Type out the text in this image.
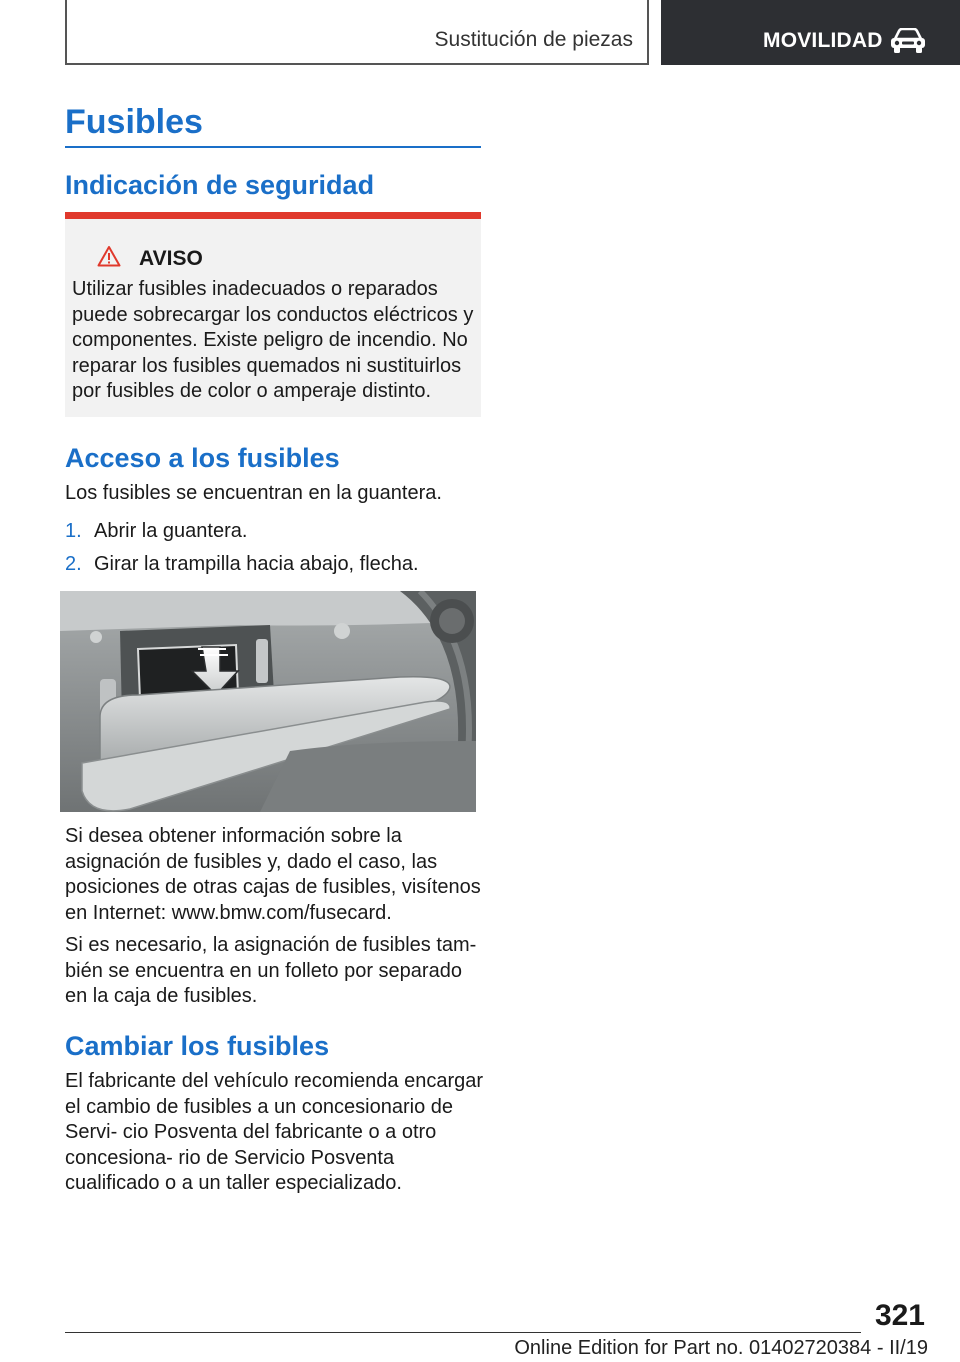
Sustitución de piezas	MOVILIDAD
Fusibles
Indicación de seguridad
AVISO

Utilizar fusibles inadecuados o reparados puede sobrecargar los conductos eléctricos y componentes. Existe peligro de incendio. No reparar los fusibles quemados ni sustituirlos por fusibles de color o amperaje distinto.

Acceso a los fusibles

Los fusibles se encuentran en la guantera.

1. Abrir la guantera.
2. Girar la trampilla hacia abajo, flecha.

Si desea obtener información sobre la asignación de fusibles y, dado el caso, las posiciones de otras cajas de fusibles, visítenos en Internet: www.bmw.com/fusecard.

Si es necesario, la asignación de fusibles tam‐ bién se encuentra en un folleto por separado en la caja de fusibles.

Cambiar los fusibles

El fabricante del vehículo recomienda encargar el cambio de fusibles a un concesionario de Servi‐ cio Posventa del fabricante o a otro concesiona‐ rio de Servicio Posventa cualificado o a un taller especializado.

321
Online Edition for Part no. 01402720384 - II/19
